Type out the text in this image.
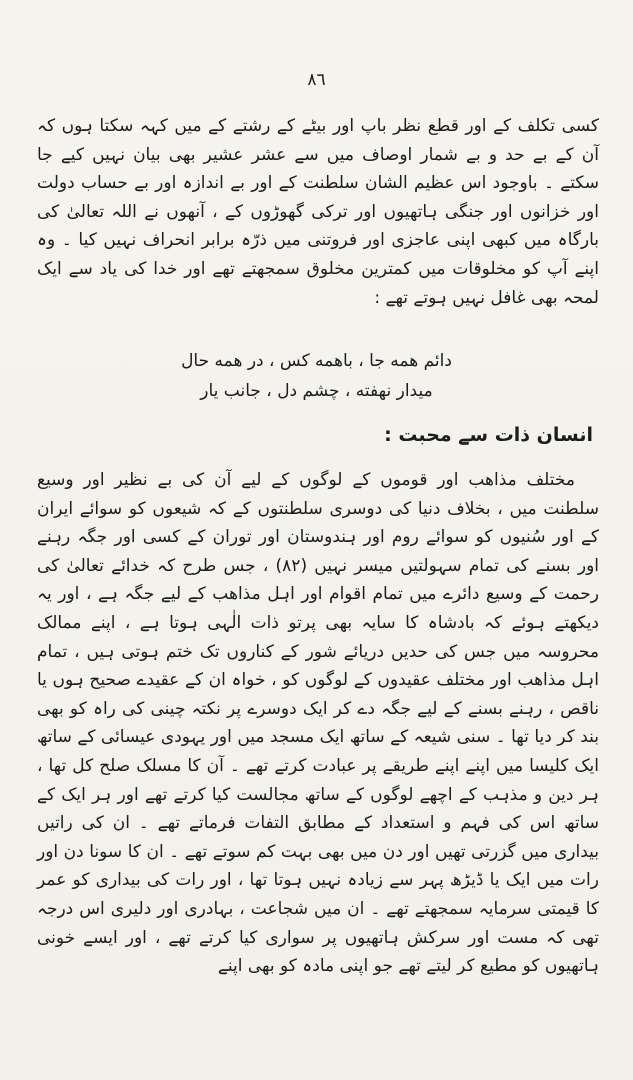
٨٦

کسی تکلف کے اور قطع نظر باپ اور بیٹے کے رشتے کے میں کہہ سکتا ہوں کہ آن کے بے حد و بے شمار اوصاف میں سے عشر عشیر بھی بیان نہیں کیے جا سکتے ۔ باوجود اس عظیم الشان سلطنت کے اور بے اندازہ اور بے حساب دولت اور خزانوں اور جنگی ہاتھیوں اور ترکی گھوڑوں کے ، آنھوں نے اللہ تعالیٰ کی بارگاہ میں کبھی اپنی عاجزی اور فروتنی میں ذرّہ برابر انحراف نہیں کیا ۔ وہ اپنے آپ کو مخلوقات میں کمترین مخلوق سمجھتے تھے اور خدا کی یاد سے ایک لمحہ بھی غافل نہیں ہوتے تھے :

دائم همه جا ، باهمه کس ، در همه حال
میدار نهفته ، چشم دل ، جانب یار
انسان ذات سے محبت :

مختلف مذاھب اور قوموں کے لوگوں کے لیے آن کی بے نظیر اور وسیع سلطنت میں ، بخلاف دنیا کی دوسری سلطنتوں کے کہ شیعوں کو سوائے ایران کے اور سُنیوں کو سوائے روم اور ہندوستان اور توران کے کسی اور جگہ رہنے اور بسنے کی تمام سہولتیں میسر نہیں (٨٢) ، جس طرح کہ خدائے تعالیٰ کی رحمت کے وسیع دائرے میں تمام اقوام اور اہل مذاھب کے لیے جگہ ہے ، اور یہ دیکھتے ہوئے کہ بادشاہ کا سایہ بھی پرتو ذات الٰہی ہوتا ہے ، اپنے ممالک محروسہ میں جس کی حدیں دریائے شور کے کناروں تک ختم ہوتی ہیں ، تمام اہل مذاھب اور مختلف عقیدوں کے لوگوں کو ، خواہ ان کے عقیدے صحیح ہوں یا ناقص ، رہنے بسنے کے لیے جگہ دے کر ایک دوسرے پر نکتہ چینی کی راہ کو بھی بند کر دیا تھا ۔ سنی شیعہ کے ساتھ ایک مسجد میں اور یہودی عیسائی کے ساتھ ایک کلیسا میں اپنے اپنے طریقے پر عبادت کرتے تھے ۔ آن کا مسلک صلح کل تھا ، ہر دین و مذہب کے اچھے لوگوں کے ساتھ مجالست کیا کرتے تھے اور ہر ایک کے ساتھ اس کی فہم و استعداد کے مطابق التفات فرماتے تھے ۔ ان کی راتیں بیداری میں گزرتی تھیں اور دن میں بھی بہت کم سوتے تھے ۔ ان کا سونا دن اور رات میں ایک یا ڈیڑھ پہر سے زیادہ نہیں ہوتا تھا ، اور رات کی بیداری کو عمر کا قیمتی سرمایہ سمجھتے تھے ۔ ان میں شجاعت ، بہادری اور دلیری اس درجہ تھی کہ مست اور سرکش ہاتھیوں پر سواری کیا کرتے تھے ، اور ایسے خونی ہاتھیوں کو مطیع کر لیتے تھے جو اپنی مادہ کو بھی اپنے
